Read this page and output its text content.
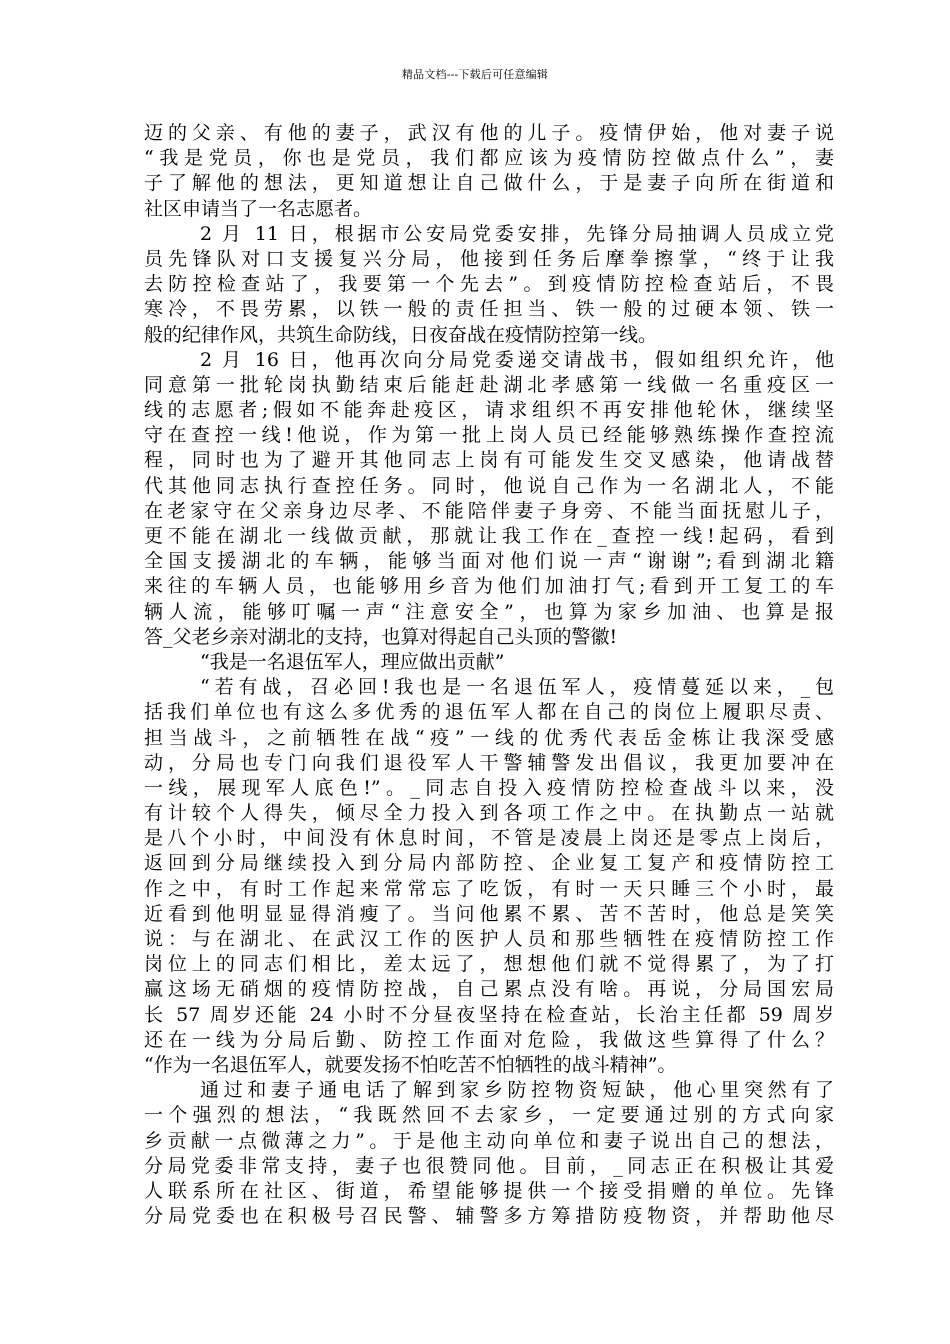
精品文档---下载后可任意编辑
迈的父亲、有他的妻子，武汉有他的儿子。疫情伊始，他对妻子说
“我是党员，你也是党员，我们都应该为疫情防控做点什么”，妻
子了解他的想法，更知道想让自己做什么，于是妻子向所在街道和
社区申请当了一名志愿者。
2 月 11 日，根据市公安局党委安排，先锋分局抽调人员成立党
员先锋队对口支援复兴分局，他接到任务后摩拳擦掌，“终于让我
去防控检查站了，我要第一个先去”。到疫情防控检查站后，不畏
寒冷，不畏劳累，以铁一般的责任担当、铁一般的过硬本领、铁一
般的纪律作风，共筑生命防线，日夜奋战在疫情防控第一线。
2 月 16 日，他再次向分局党委递交请战书，假如组织允许，他
同意第一批轮岗执勤结束后能赶赴湖北孝感第一线做一名重疫区一
线的志愿者;假如不能奔赴疫区，请求组织不再安排他轮休，继续坚
守在查控一线!他说，作为第一批上岗人员已经能够熟练操作查控流
程，同时也为了避开其他同志上岗有可能发生交叉感染，他请战替
代其他同志执行查控任务。同时，他说自己作为一名湖北人，不能
在老家守在父亲身边尽孝、不能陪伴妻子身旁、不能当面抚慰儿子，
更不能在湖北一线做贡献，那就让我工作在_查控一线!起码，看到
全国支援湖北的车辆，能够当面对他们说一声“谢谢”;看到湖北籍
来往的车辆人员，也能够用乡音为他们加油打气;看到开工复工的车
辆人流，能够叮嘱一声“注意安全”，也算为家乡加油、也算是报
答_父老乡亲对湖北的支持，也算对得起自己头顶的警徽!
“我是一名退伍军人，理应做出贡献”
“若有战，召必回!我也是一名退伍军人，疫情蔓延以来，_包
括我们单位也有这么多优秀的退伍军人都在自己的岗位上履职尽责、
担当战斗，之前牺牲在战“疫”一线的优秀代表岳金栋让我深受感
动，分局也专门向我们退役军人干警辅警发出倡议，我更加要冲在
一线，展现军人底色!”。_同志自投入疫情防控检查战斗以来，没
有计较个人得失，倾尽全力投入到各项工作之中。在执勤点一站就
是八个小时，中间没有休息时间，不管是凌晨上岗还是零点上岗后，
返回到分局继续投入到分局内部防控、企业复工复产和疫情防控工
作之中，有时工作起来常常忘了吃饭，有时一天只睡三个小时，最
近看到他明显显得消瘦了。当问他累不累、苦不苦时，他总是笑笑
说：与在湖北、在武汉工作的医护人员和那些牺牲在疫情防控工作
岗位上的同志们相比，差太远了，想想他们就不觉得累了，为了打
赢这场无硝烟的疫情防控战，自己累点没有啥。再说，分局国宏局
长 57 周岁还能 24 小时不分昼夜坚持在检查站，长治主任都 59 周岁
还在一线为分局后勤、防控工作面对危险，我做这些算得了什么？
“作为一名退伍军人，就要发扬不怕吃苦不怕牺牲的战斗精神”。
通过和妻子通电话了解到家乡防控物资短缺，他心里突然有了
一个强烈的想法，“我既然回不去家乡，一定要通过别的方式向家
乡贡献一点微薄之力”。于是他主动向单位和妻子说出自己的想法，
分局党委非常支持，妻子也很赞同他。目前，_同志正在积极让其爱
人联系所在社区、街道，希望能够提供一个接受捐赠的单位。先锋
分局党委也在积极号召民警、辅警多方筹措防疫物资，并帮助他尽
